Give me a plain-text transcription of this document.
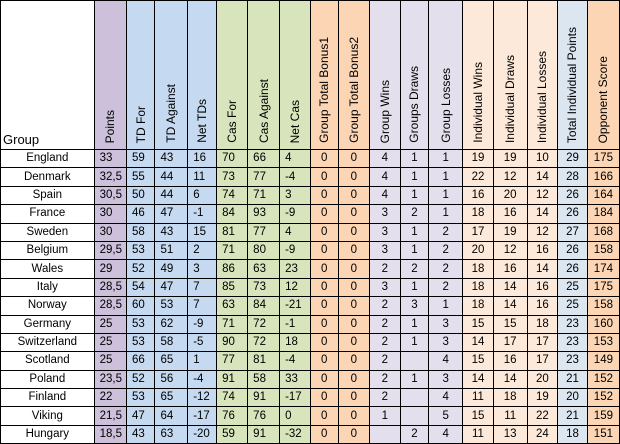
Group	Points	TD For	TD Against	Net TDs	Cas For	Cas Against	Net Cas	Group Total Bonus1	Group Total Bonus2	Group Wins	Groups Draws	Group Losses	Individual Wins	Individual Draws	Individual Losses	Total Individual Points	Opponent Score
England	33	59	43	16	70	66	4	0	0	4	1	1	19	19	10	29	175
Denmark	32,5	55	44	11	73	77	-4	0	0	4	1	1	22	12	14	28	166
Spain	30,5	50	44	6	74	71	3	0	0	4	1	1	16	20	12	26	164
France	30	46	47	-1	84	93	-9	0	0	3	2	1	18	16	14	26	184
Sweden	30	58	43	15	81	77	4	0	0	3	1	2	17	19	12	27	168
Belgium	29,5	53	51	2	71	80	-9	0	0	3	1	2	20	12	16	26	158
Wales	29	52	49	3	86	63	23	0	0	2	2	2	18	16	14	26	174
Italy	28,5	54	47	7	85	73	12	0	0	3	1	2	18	14	16	25	175
Norway	28,5	60	53	7	63	84	-21	0	0	2	3	1	18	14	16	25	158
Germany	25	53	62	-9	71	72	-1	0	0	2	1	3	15	15	18	23	160
Switzerland	25	53	58	-5	90	72	18	0	0	2	1	3	14	17	17	23	153
Scotland	25	66	65	1	77	81	-4	0	0	2		4	15	16	17	23	149
Poland	23,5	52	56	-4	91	58	33	0	0	2	1	3	14	14	20	21	152
Finland	22	53	65	-12	74	91	-17	0	0	2		4	11	18	19	20	152
Viking	21,5	47	64	-17	76	76	0	0	0	1		5	15	11	22	21	159
Hungary	18,5	43	63	-20	59	91	-32	0	0		2	4	11	13	24	18	151
